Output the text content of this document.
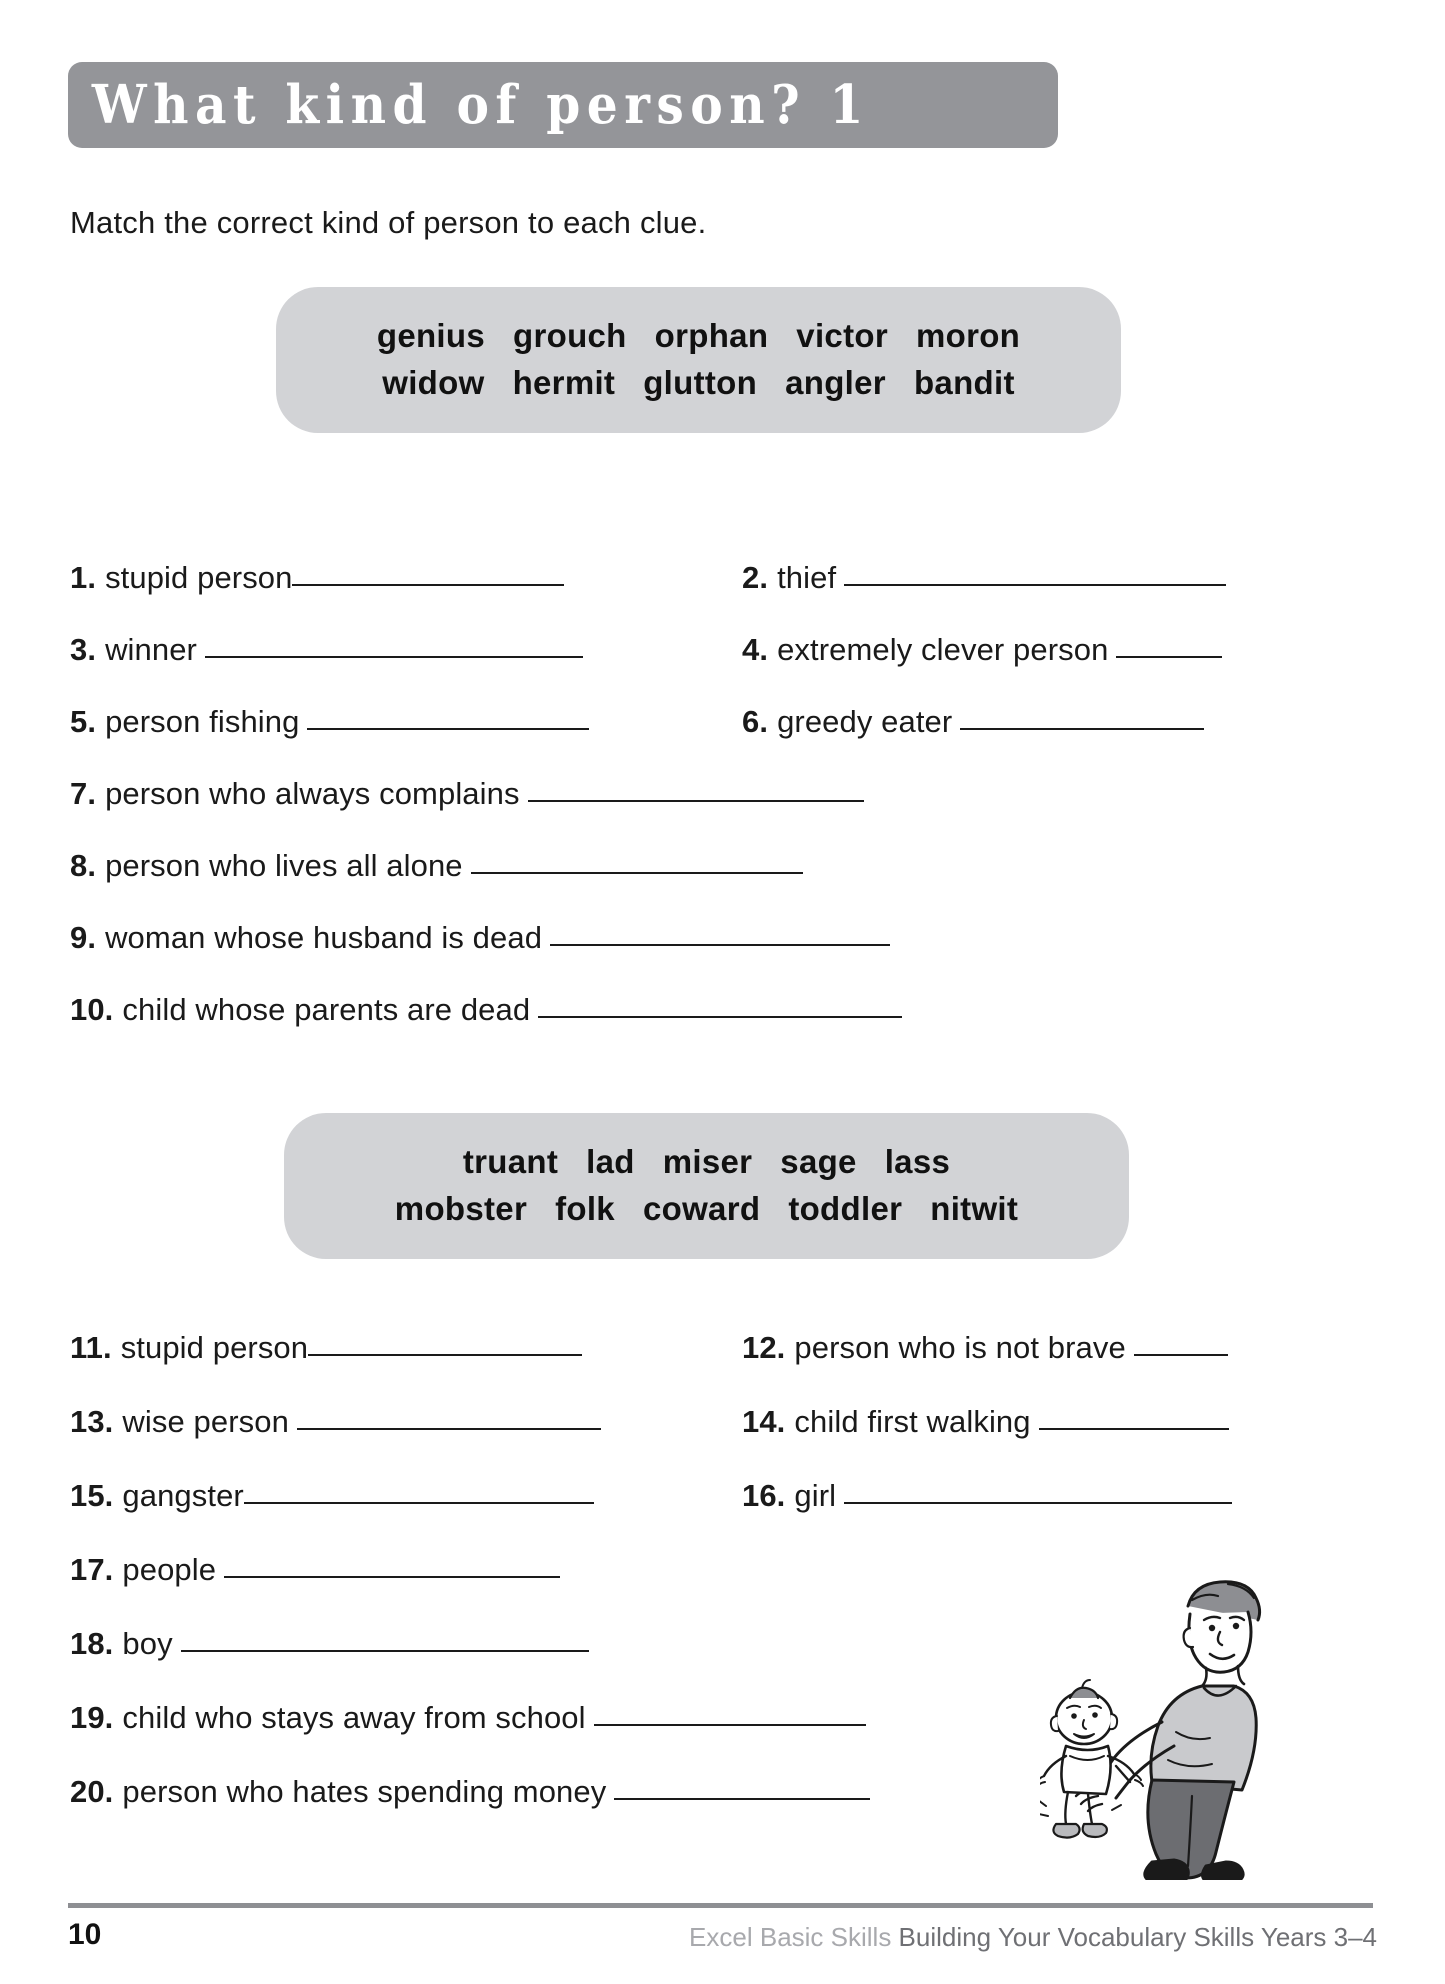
What kind of person? 1
Match the correct kind of person to each clue.
genius grouch orphan victor moron
widow hermit glutton angler bandit
1. stupid person	2. thief
3. winner	4. extremely clever person
5. person fishing	6. greedy eater
7. person who always complains
8. person who lives all alone
9. woman whose husband is dead
10. child whose parents are dead
truant lad miser sage lass
mobster folk coward toddler nitwit
11. stupid person	12. person who is not brave
13. wise person	14. child first walking
15. gangster	16. girl
17. people
18. boy
19. child who stays away from school
20. person who hates spending money
10	Excel Basic Skills Building Your Vocabulary Skills Years 3–4
